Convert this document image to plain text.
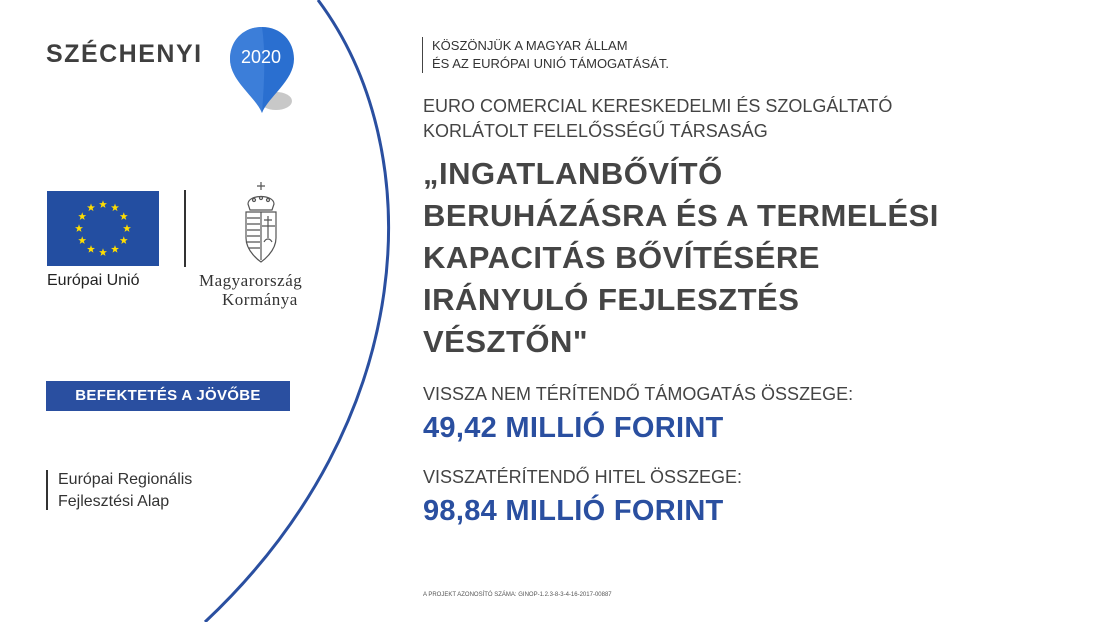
SZÉCHENYI	2020
Európai Unió	Magyarország
Kormánya
BEFEKTETÉS A JÖVŐBE
Európai Regionális
Fejlesztési Alap
KÖSZÖNJÜK A MAGYAR ÁLLAM
ÉS AZ EURÓPAI UNIÓ TÁMOGATÁSÁT.
EURO COMERCIAL KERESKEDELMI ÉS SZOLGÁLTATÓ
KORLÁTOLT FELELŐSSÉGŰ TÁRSASÁG
„INGATLANBŐVÍTŐ
BERUHÁZÁSRA ÉS A TERMELÉSI
KAPACITÁS BŐVÍTÉSÉRE
IRÁNYULÓ FEJLESZTÉS
VÉSZTŐN"
VISSZA NEM TÉRÍTENDŐ TÁMOGATÁS ÖSSZEGE:
49,42 MILLIÓ FORINT
VISSZATÉRÍTENDŐ HITEL ÖSSZEGE:
98,84 MILLIÓ FORINT
A PROJEKT AZONOSÍTÓ SZÁMA: GINOP-1.2.3-8-3-4-16-2017-00887
